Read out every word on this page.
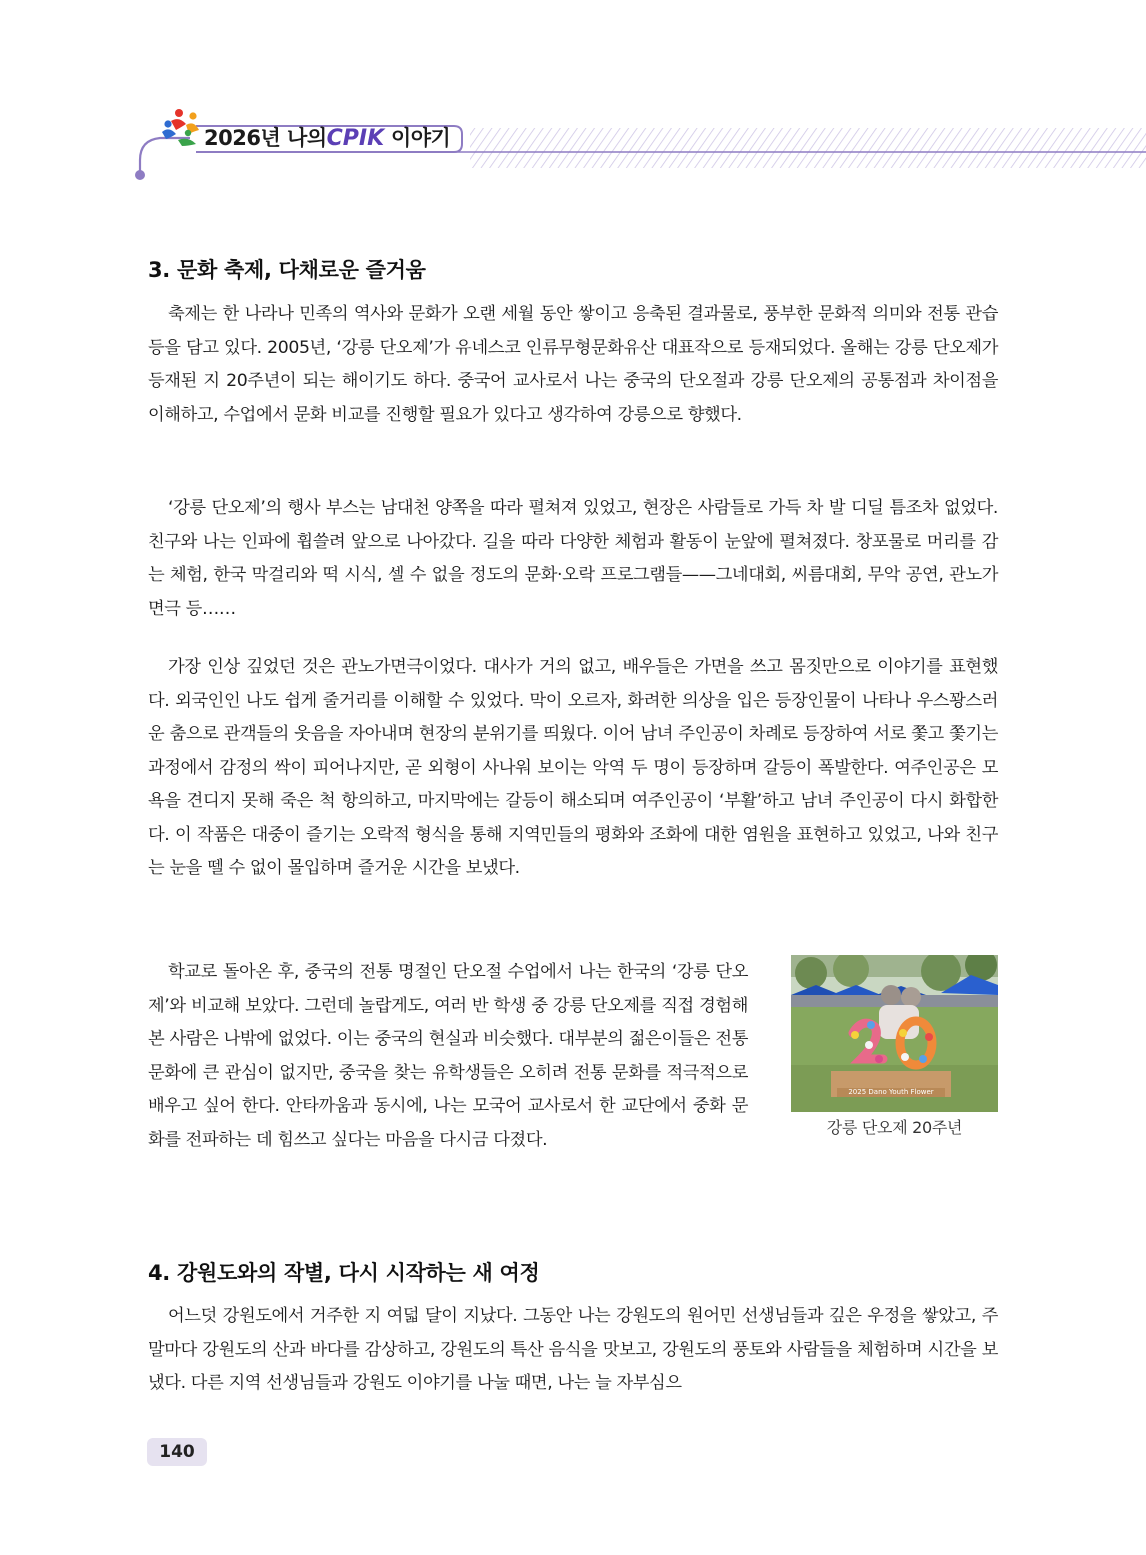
2026년 나의CPIK 이야기
3. 문화 축제, 다채로운 즐거움

축제는 한 나라나 민족의 역사와 문화가 오랜 세월 동안 쌓이고 응축된 결과물로, 풍부한 문화적 의미와 전통 관습 등을 담고 있다. 2005년, ‘강릉 단오제’가 유네스코 인류무형문화유산 대표작으로 등재되었다. 올해는 강릉 단오제가 등재된 지 20주년이 되는 해이기도 하다. 중국어 교사로서 나는 중국의 단오절과 강릉 단오제의 공통점과 차이점을 이해하고, 수업에서 문화 비교를 진행할 필요가 있다고 생각하여 강릉으로 향했다.

‘강릉 단오제’의 행사 부스는 남대천 양쪽을 따라 펼쳐져 있었고, 현장은 사람들로 가득 차 발 디딜 틈조차 없었다. 친구와 나는 인파에 휩쓸려 앞으로 나아갔다. 길을 따라 다양한 체험과 활동이 눈앞에 펼쳐졌다. 창포물로 머리를 감는 체험, 한국 막걸리와 떡 시식, 셀 수 없을 정도의 문화·오락 프로그램들——그네대회, 씨름대회, 무악 공연, 관노가면극 등……

가장 인상 깊었던 것은 관노가면극이었다. 대사가 거의 없고, 배우들은 가면을 쓰고 몸짓만으로 이야기를 표현했다. 외국인인 나도 쉽게 줄거리를 이해할 수 있었다. 막이 오르자, 화려한 의상을 입은 등장인물이 나타나 우스꽝스러운 춤으로 관객들의 웃음을 자아내며 현장의 분위기를 띄웠다. 이어 남녀 주인공이 차례로 등장하여 서로 쫓고 쫓기는 과정에서 감정의 싹이 피어나지만, 곧 외형이 사나워 보이는 악역 두 명이 등장하며 갈등이 폭발한다. 여주인공은 모욕을 견디지 못해 죽은 척 항의하고, 마지막에는 갈등이 해소되며 여주인공이 ‘부활’하고 남녀 주인공이 다시 화합한다. 이 작품은 대중이 즐기는 오락적 형식을 통해 지역민들의 평화와 조화에 대한 염원을 표현하고 있었고, 나와 친구는 눈을 뗄 수 없이 몰입하며 즐거운 시간을 보냈다.

학교로 돌아온 후, 중국의 전통 명절인 단오절 수업에서 나는 한국의 ‘강릉 단오제’와 비교해 보았다. 그런데 놀랍게도, 여러 반 학생 중 강릉 단오제를 직접 경험해 본 사람은 나밖에 없었다. 이는 중국의 현실과 비슷했다. 대부분의 젊은이들은 전통 문화에 큰 관심이 없지만, 중국을 찾는 유학생들은 오히려 전통 문화를 적극적으로 배우고 싶어 한다. 안타까움과 동시에, 나는 모국어 교사로서 한 교단에서 중화 문화를 전파하는 데 힘쓰고 싶다는 마음을 다시금 다졌다.

2025 Dano Youth Flower
강릉 단오제 20주년
4. 강원도와의 작별, 다시 시작하는 새 여정

어느덧 강원도에서 거주한 지 여덟 달이 지났다. 그동안 나는 강원도의 원어민 선생님들과 깊은 우정을 쌓았고, 주말마다 강원도의 산과 바다를 감상하고, 강원도의 특산 음식을 맛보고, 강원도의 풍토와 사람들을 체험하며 시간을 보냈다. 다른 지역 선생님들과 강원도 이야기를 나눌 때면, 나는 늘 자부심으

140
